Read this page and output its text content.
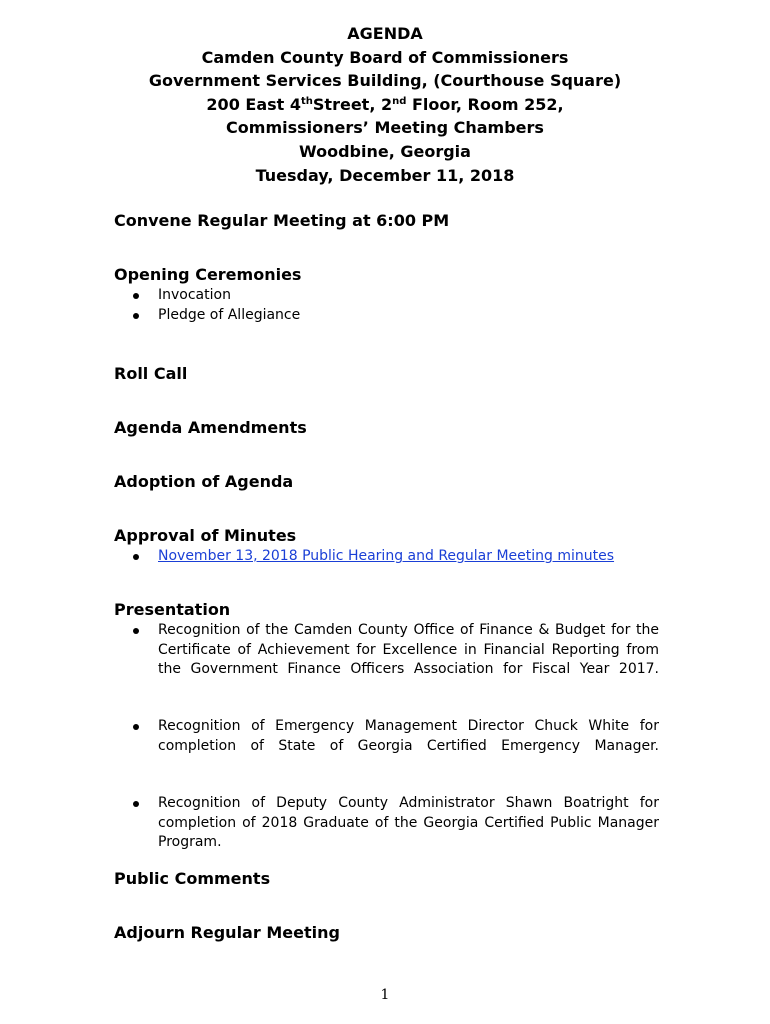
AGENDA
Camden County Board of Commissioners
Government Services Building, (Courthouse Square)
200 East 4thStreet, 2nd Floor, Room 252,
Commissioners’ Meeting Chambers
Woodbine, Georgia
Tuesday, December 11, 2018

Convene Regular Meeting at 6:00 PM

Opening Ceremonies

Invocation
Pledge of Allegiance

Roll Call

Agenda Amendments

Adoption of Agenda

Approval of Minutes

November 13, 2018 Public Hearing and Regular Meeting minutes

Presentation

Recognition of the Camden County Office of Finance & Budget for the Certificate of Achievement for Excellence in Financial Reporting from the Government Finance Officers Association for Fiscal Year 2017.
Recognition of Emergency Management Director Chuck White for completion of State of Georgia Certified Emergency Manager.
Recognition of Deputy County Administrator Shawn Boatright for completion of 2018 Graduate of the Georgia Certified Public Manager Program.

Public Comments

Adjourn Regular Meeting

1
